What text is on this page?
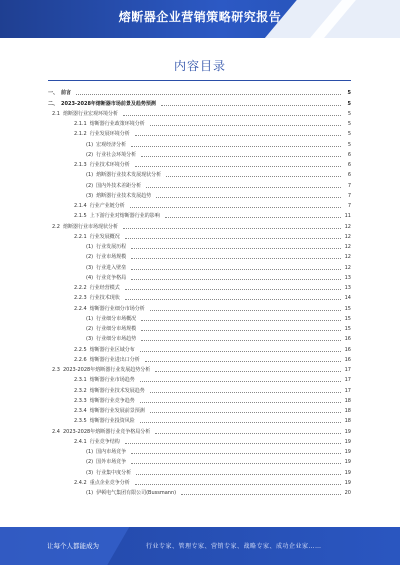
熔断器企业营销策略研究报告
内容目录
一、 前言	5
二、 2023-2028年熔断器市场前景及趋势预测	5
2.1 熔断器行业宏观环境分析	5
2.1.1 熔断器行业政策环境分析	5
2.1.2 行业发展环境分析	5
(1) 宏观经济分析	5
(2) 行业社会环境分析	6
2.1.3 行业技术环境分析	6
(1) 熔断器行业技术发展现状分析	6
(2) 国内外技术差距分析	7
(3) 熔断器行业技术发展趋势	7
2.1.4 行业产业链分析	7
2.1.5 上下游行业对熔断器行业的影响	11
2.2 熔断器行业市场现状分析	12
2.2.1 行业发展概况	12
(1) 行业发展历程	12
(2) 行业市场规模	12
(3) 行业进入壁垒	12
(4) 行业竞争格局	13
2.2.2 行业经营模式	13
2.2.3 行业技术现状	14
2.2.4 熔断器行业细分市场分析	15
(1) 行业细分市场概况	15
(2) 行业细分市场规模	15
(3) 行业细分市场趋势	16
2.2.5 熔断器行业区域分布	16
2.2.6 熔断器行业进出口分析	16
2.3 2023-2028年熔断器行业发展趋势分析	17
2.3.1 熔断器行业市场趋势	17
2.3.2 熔断器行业技术发展趋势	17
2.3.3 熔断器行业竞争趋势	18
2.3.4 熔断器行业发展前景预测	18
2.3.5 熔断器行业投资风险	18
2.4 2023-2028年熔断器行业竞争格局分析	19
2.4.1 行业竞争结构	19
(1) 国内市场竞争	19
(2) 国外市场竞争	19
(3) 行业集中度分析	19
2.4.2 重点企业竞争分析	19
(1) 伊顿电气集团有限公司(Bussmann)	20
让每个人都能成为	行业专家、管理专家、营销专家、战略专家、成功企业家……
